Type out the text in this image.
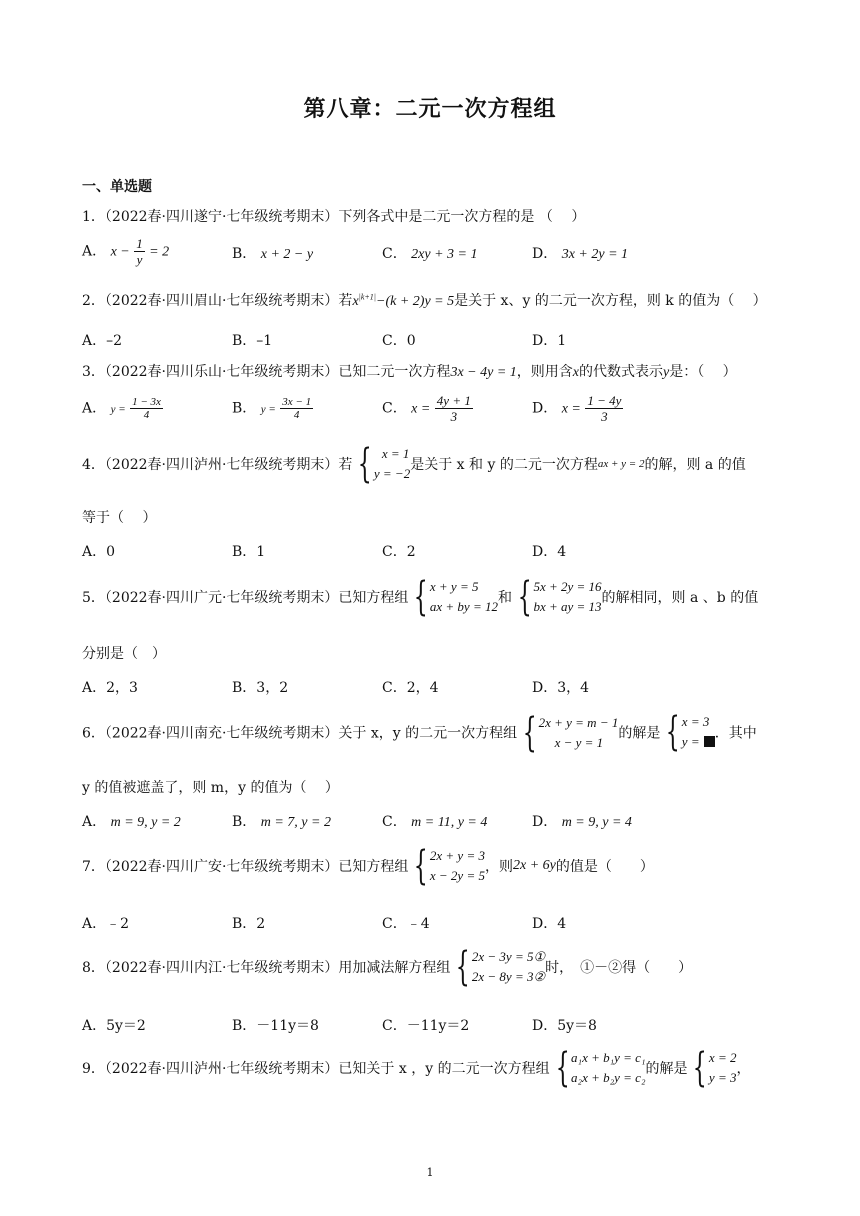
第八章：二元一次方程组
一、单选题
1．（2022春·四川遂宁·七年级统考期末）下列各式中是二元一次方程的是 （　 ）
A． $x - \frac{1}{y} = 2$	B． x + 2 − y	C． 2xy + 3 = 1	D． 3x + 2y = 1
2．（2022春·四川眉山·七年级统考期末）若$x^{|k+1|}-(k + 2)y = 5$是关于 x、y 的二元一次方程，则 k 的值为（　 ）
A．–2	B．–1	C．0	D．1
3．（2022春·四川乐山·七年级统考期末）已知二元一次方程3x − 4y = 1，则用含x的代数式表示y是：（　 ）
A． $y = \frac{1 - 3x}{4}$	B． $y = \frac{3x - 1}{4}$	C． $x = \frac{4y + 1}{3}$	D． $x = \frac{1 - 4y}{3}$
4．（2022春·四川泸州·七年级统考期末）若 { x = 1
y = −2
是关于 x 和 y 的二元一次方程ax + y = 2的解，则 a 的值
等于（　 ）
A．0	B．1	C．2	D．4
5．（2022春·四川广元·七年级统考期末）已知方程组 { x + y = 5
ax + by = 12
和 { 5x + 2y = 16
bx + ay = 13
的解相同，则 a 、b 的值
分别是（　）
A．2，3	B．3，2	C．2，4	D．3，4
6．（2022春·四川南充·七年级统考期末）关于 x，y 的二元一次方程组 { 2x + y = m − 1
x − y = 1
的解是 { x = 3
y =	．其中
y 的值被遮盖了，则 m，y 的值为（　 ）
A． m = 9, y = 2	B． m = 7, y = 2	C． m = 11, y = 4	D． m = 9, y = 4
7．（2022春·四川广安·七年级统考期末）已知方程组 { 2x + y = 3
x − 2y = 5
，则2x + 6y的值是（　　）
A．﹣2	B．2	C．﹣4	D．4
8．（2022春·四川内江·七年级统考期末）用加减法解方程组 { 2x − 3y = 5①
2x − 8y = 3②
时，　①－②得（　　）
A．5y＝2	B．－11y＝8	C．－11y＝2	D．5y＝8
9．（2022春·四川泸州·七年级统考期末）已知关于 x ，y 的二元一次方程组 { a₁x + b₁y = c₁
a₂x + b₂y = c₂
的解是 { x = 2
y = 3
，
1
